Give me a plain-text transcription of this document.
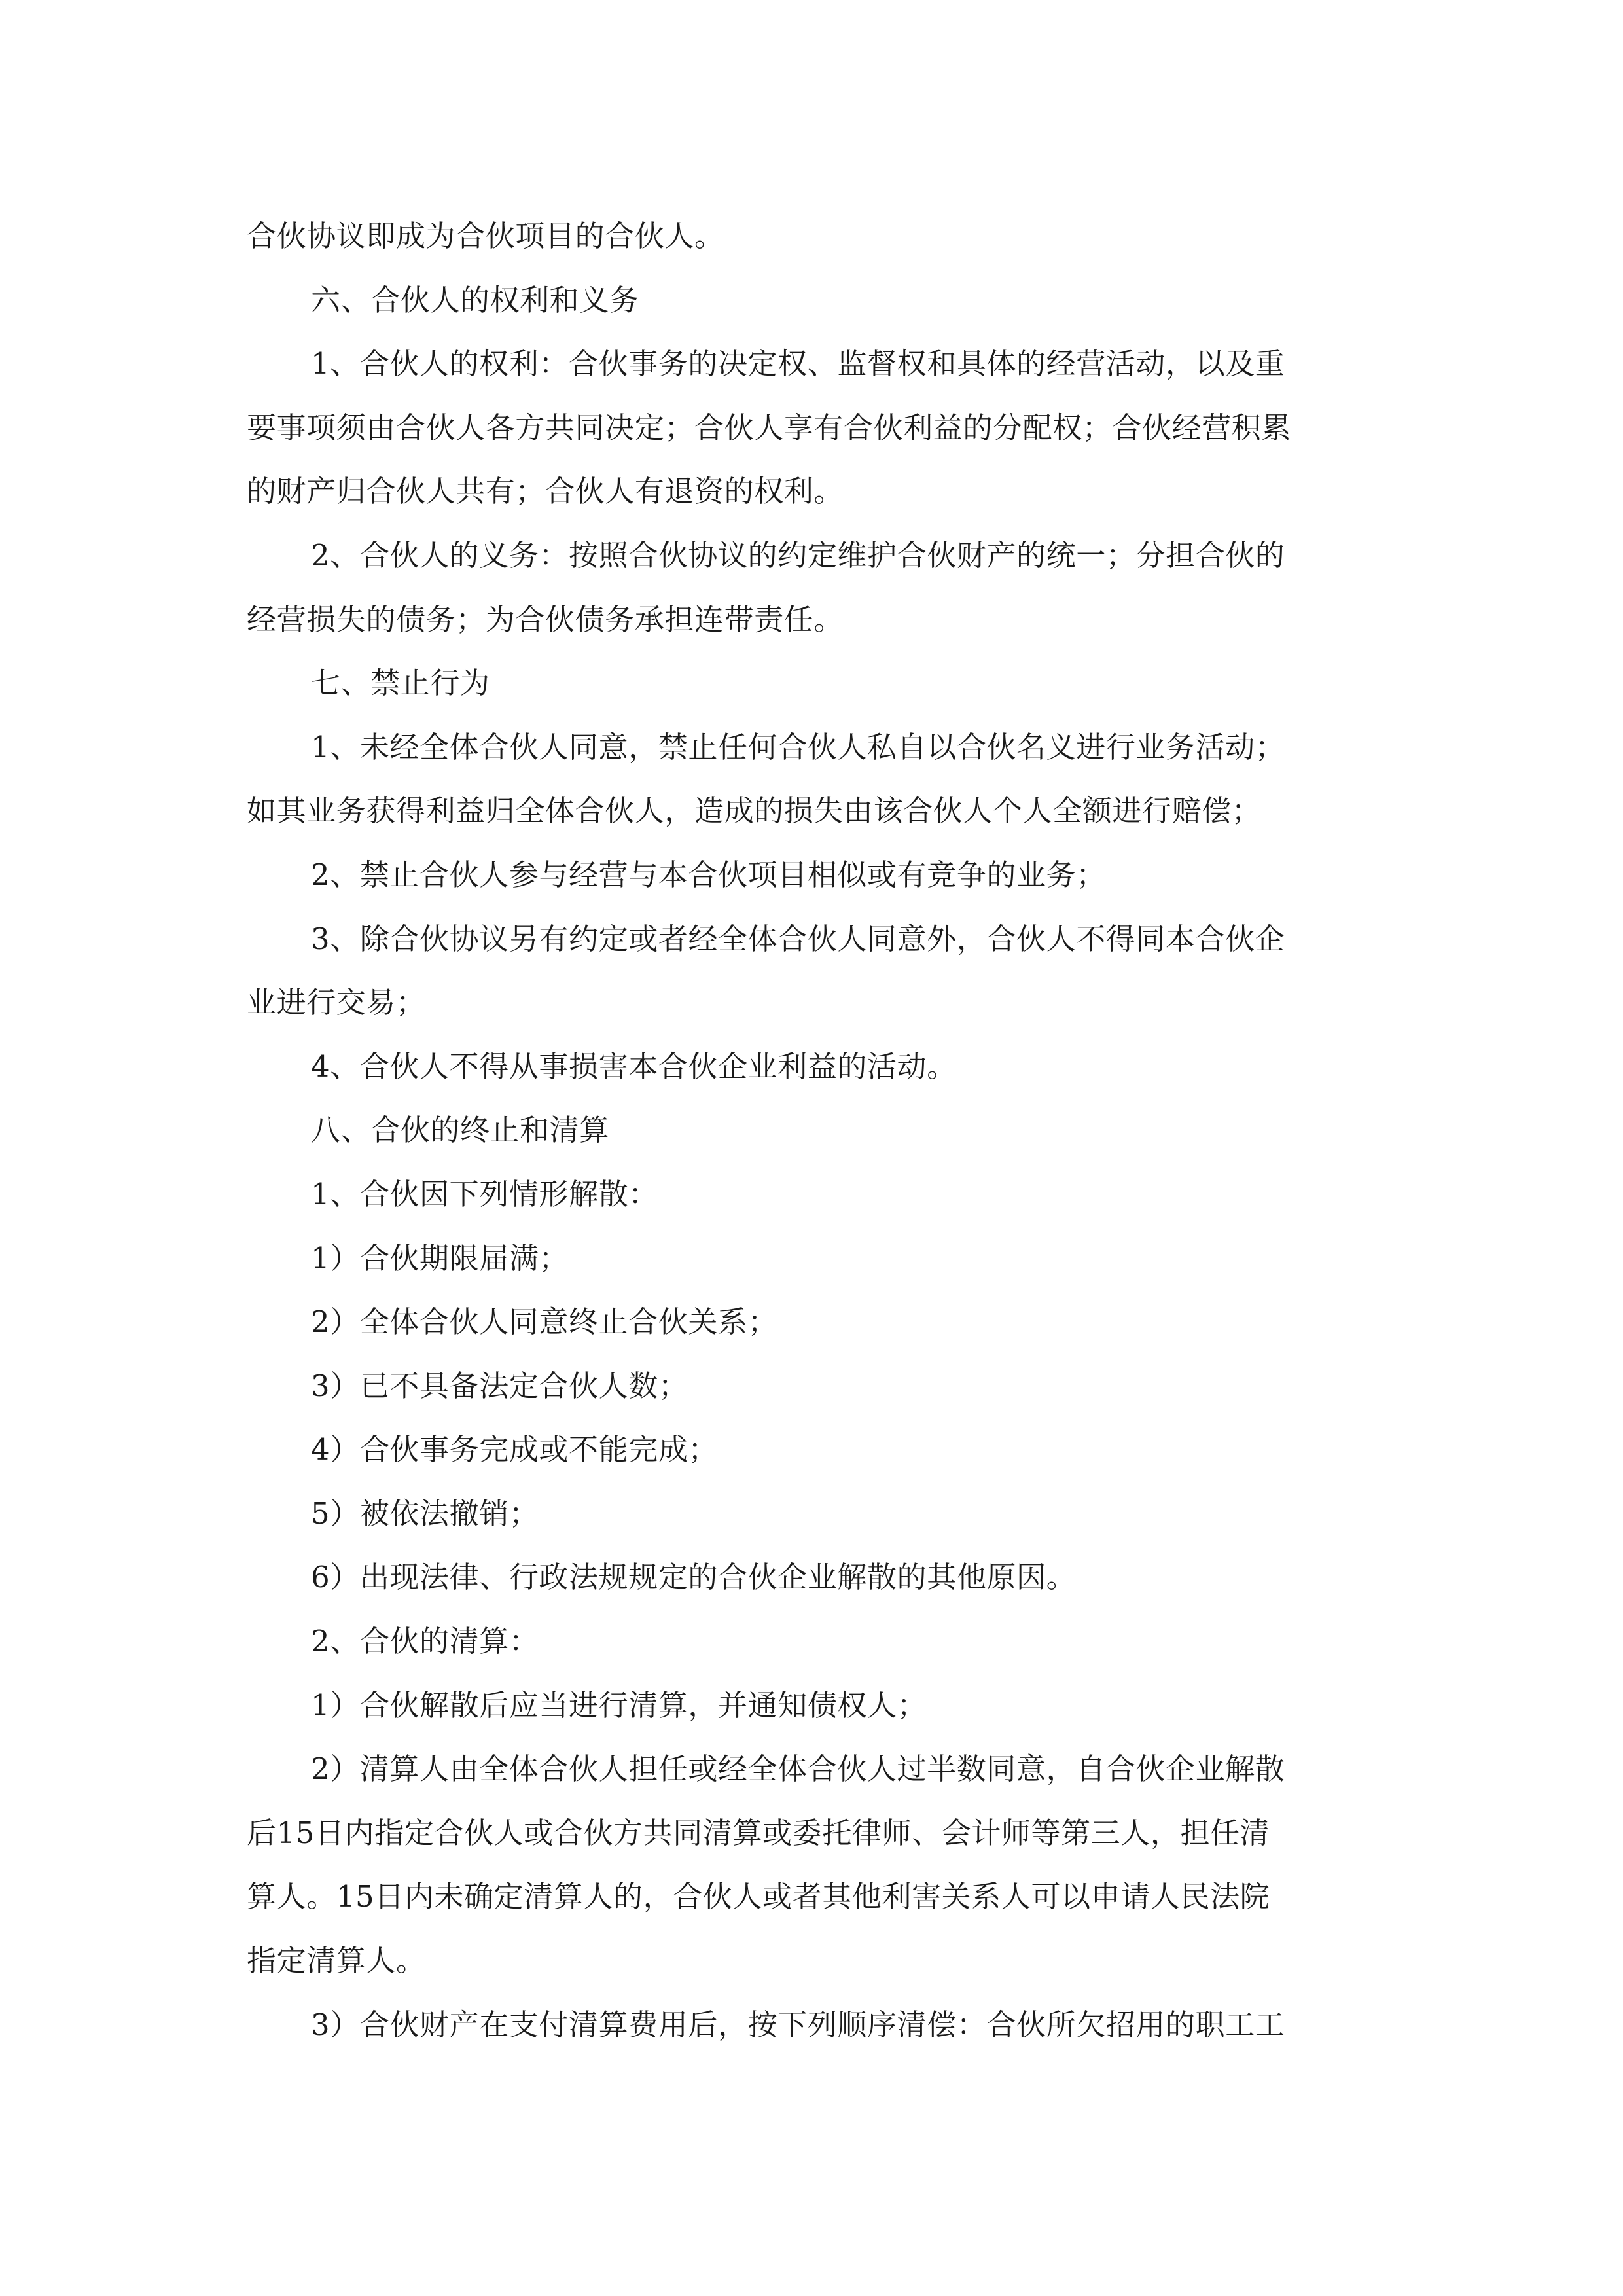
合伙协议即成为合伙项目的合伙人。
六、合伙人的权利和义务
1、合伙人的权利：合伙事务的决定权、监督权和具体的经营活动，以及重
要事项须由合伙人各方共同决定；合伙人享有合伙利益的分配权；合伙经营积累
的财产归合伙人共有；合伙人有退资的权利。
2、合伙人的义务：按照合伙协议的约定维护合伙财产的统一；分担合伙的
经营损失的债务；为合伙债务承担连带责任。
七、禁止行为
1、未经全体合伙人同意，禁止任何合伙人私自以合伙名义进行业务活动；
如其业务获得利益归全体合伙人，造成的损失由该合伙人个人全额进行赔偿；
2、禁止合伙人参与经营与本合伙项目相似或有竞争的业务；
3、除合伙协议另有约定或者经全体合伙人同意外，合伙人不得同本合伙企
业进行交易；
4、合伙人不得从事损害本合伙企业利益的活动。
八、合伙的终止和清算
1、合伙因下列情形解散：
1）合伙期限届满；
2）全体合伙人同意终止合伙关系；
3）已不具备法定合伙人数；
4）合伙事务完成或不能完成；
5）被依法撤销；
6）出现法律、行政法规规定的合伙企业解散的其他原因。
2、合伙的清算：
1）合伙解散后应当进行清算，并通知债权人；
2）清算人由全体合伙人担任或经全体合伙人过半数同意，自合伙企业解散
后15日内指定合伙人或合伙方共同清算或委托律师、会计师等第三人，担任清
算人。15日内未确定清算人的，合伙人或者其他利害关系人可以申请人民法院
指定清算人。
3）合伙财产在支付清算费用后，按下列顺序清偿：合伙所欠招用的职工工
